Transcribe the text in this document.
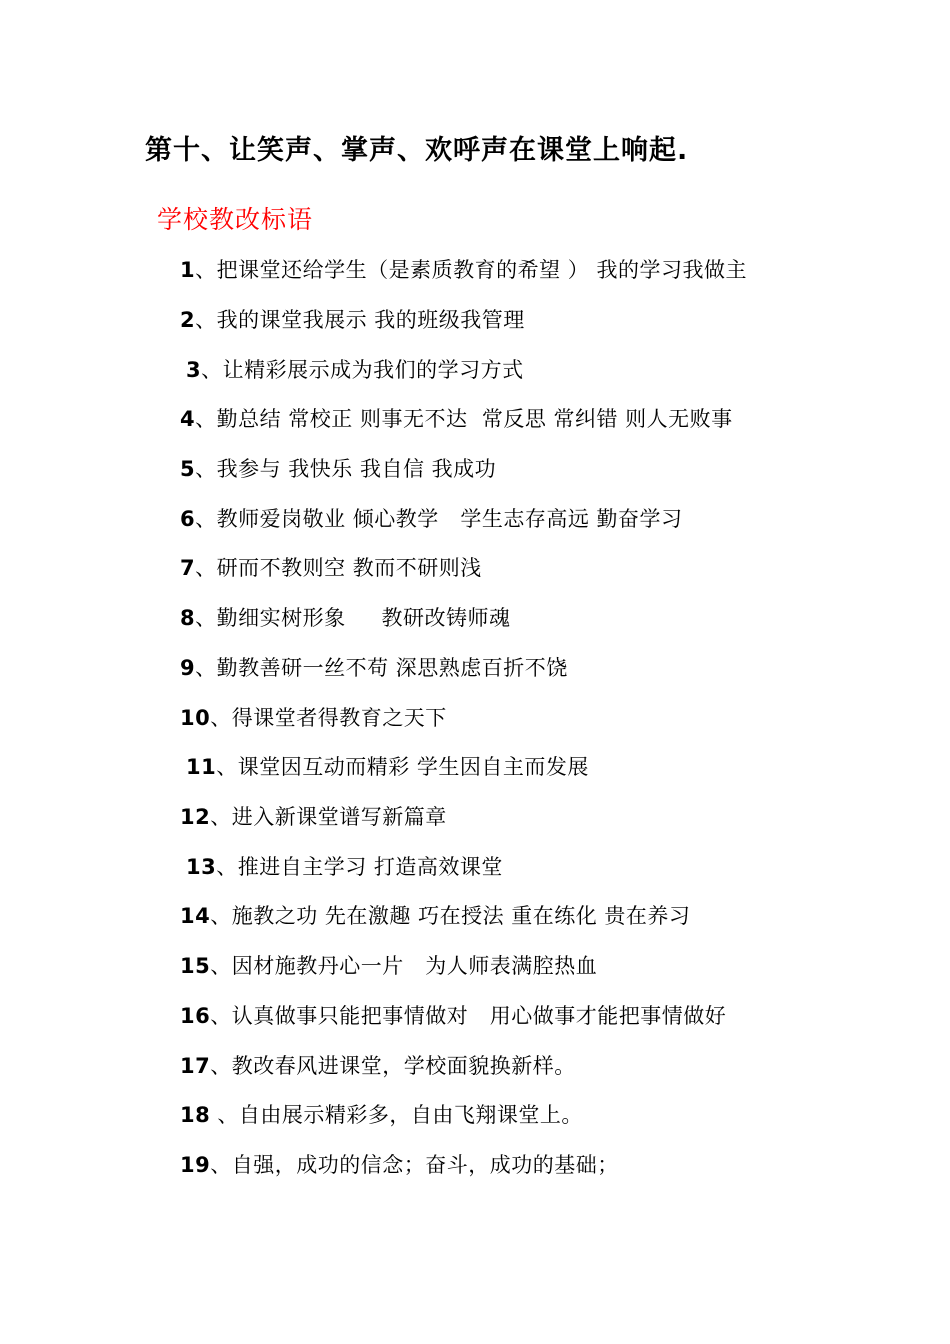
第十、让笑声、掌声、欢呼声在课堂上响起.
学校教改标语
1、把课堂还给学生（是素质教育的希望 ） 我的学习我做主
2、我的课堂我展示 我的班级我管理
3、让精彩展示成为我们的学习方式
4、勤总结 常校正 则事无不达  常反思 常纠错 则人无败事
5、我参与 我快乐 我自信 我成功
6、教师爱岗敬业 倾心教学   学生志存高远 勤奋学习
7、研而不教则空 教而不研则浅
8、勤细实树形象     教研改铸师魂
9、勤教善研一丝不苟 深思熟虑百折不饶
10、得课堂者得教育之天下
11、课堂因互动而精彩 学生因自主而发展
12、进入新课堂谱写新篇章
13、推进自主学习 打造高效课堂
14、施教之功 先在激趣 巧在授法 重在练化 贵在养习
15、因材施教丹心一片   为人师表满腔热血
16、认真做事只能把事情做对   用心做事才能把事情做好
17、教改春风进课堂，学校面貌换新样。
18 、自由展示精彩多，自由飞翔课堂上。
19、自强，成功的信念；奋斗，成功的基础；
